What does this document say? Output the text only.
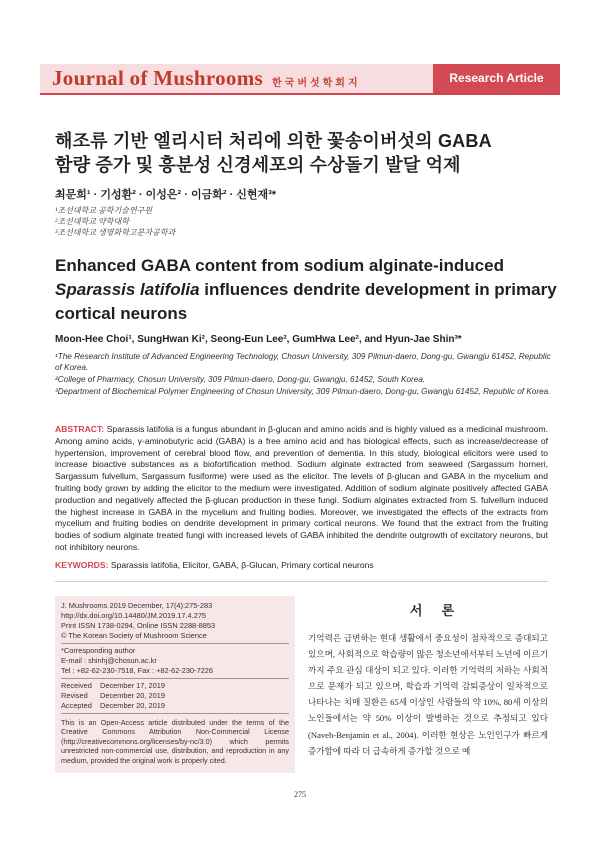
Journal of Mushrooms 한국버섯학회지	Research Article
해조류 기반 엘리시터 처리에 의한 꽃송이버섯의 GABA
함량 증가 및 흥분성 신경세포의 수상돌기 발달 억제
최문희¹ · 기성환² · 이성은² · 이금화² · 신현재³*
¹조선대학교 공학기술연구원
²조선대학교 약학대학
³조선대학교 생명화학고분자공학과
Enhanced GABA content from sodium alginate-induced
Sparassis latifolia influences dendrite development in primary
cortical neurons
Moon-Hee Choi¹, SungHwan Ki², Seong-Eun Lee², GumHwa Lee², and Hyun-Jae Shin³*
¹The Research Institute of Advanced Engineering Technology, Chosun University, 309 Pilmun-daero, Dong-gu, Gwangju 61452, Republic of Korea.
²College of Pharmacy, Chosun University, 309 Pilmun-daero, Dong-gu, Gwangju, 61452, South Korea.
³Department of Biochemical Polymer Engineering of Chosun University, 309 Pilmun-daero, Dong-gu, Gwangju 61452, Republic of Korea.
ABSTRACT: Sparassis latifolia is a fungus abundant in β-glucan and amino acids and is highly valued as a medicinal mushroom. Among amino acids, γ-aminobutyric acid (GABA) is a free amino acid and has biological effects, such as increase/decrease of hypertension, improvement of cerebral blood flow, and prevention of dementia. In this study, biological elicitors were used to increase bioactive substances as a biofortification method. Sodium alginate extracted from seaweed (Sargassum horneri, Sargassum fulvellum, Sargassum fusiforme) were used as the elicitor. The levels of β-glucan and GABA in the mycelium and fruiting body grown by adding the elicitor to the medium were investigated. Addition of sodium alginate positively affected GABA production and negatively affected the β-glucan production in these fungi. Sodium alginates extracted from S. fulvellum induced the highest increase in GABA in the mycelium and fruiting bodies. Moreover, we investigated the effects of the extracts from mycelium and fruiting bodies on dendrite development in primary cortical neurons. We found that the extract from the fruiting bodies of sodium alginate treated fungi with increased levels of GABA inhibited the dendrite outgrowth of excitatory neurons, but not inhibitory neurons.
KEYWORDS: Sparassis latifolia, Elicitor, GABA, β-Glucan, Primary cortical neurons
J. Mushrooms 2019 December, 17(4):275-283
http://dx.doi.org/10.14480/JM.2019.17.4.275
Print ISSN 1738-0294, Online ISSN 2288-8853
© The Korean Society of Mushroom Science
*Corresponding author
E-mail : shinhj@chosun.ac.kr
Tel : +82-62-230-7518, Fax : +82-62-230-7226
Received    December 17, 2019
Revised      December 20, 2019
Accepted    December 20, 2019
This is an Open-Access article distributed under the terms of the Creative Commons Attribution Non-Commercial License (http://creativecommons.org/licenses/by-nc/3.0) which permits unrestricted non-commercial use, distribution, and reproduction in any medium, provided the original work is properly cited.
서 론
기억력은 급변하는 현대 생활에서 중요성이 점차적으로 증대되고 있으며, 사회적으로 학습량이 많은 청소년에서부터 노년에 이르기까지 주요 관심 대상이 되고 있다. 이러한 기억력의 저하는 사회적으로 문제가 되고 있으며, 학습과 기억력 감퇴증상이 일차적으로 나타나는 치매 질환은 65세 이상인 사람들의 약 10%, 80세 이상의 노인들에서는 약 50% 이상이 발병하는 것으로 추정되고 있다(Naveh-Benjamin et al., 2004). 이러한 현상은 노인인구가 빠르게 증가함에 따라 더 급속하게 증가할 것으로 예
275
